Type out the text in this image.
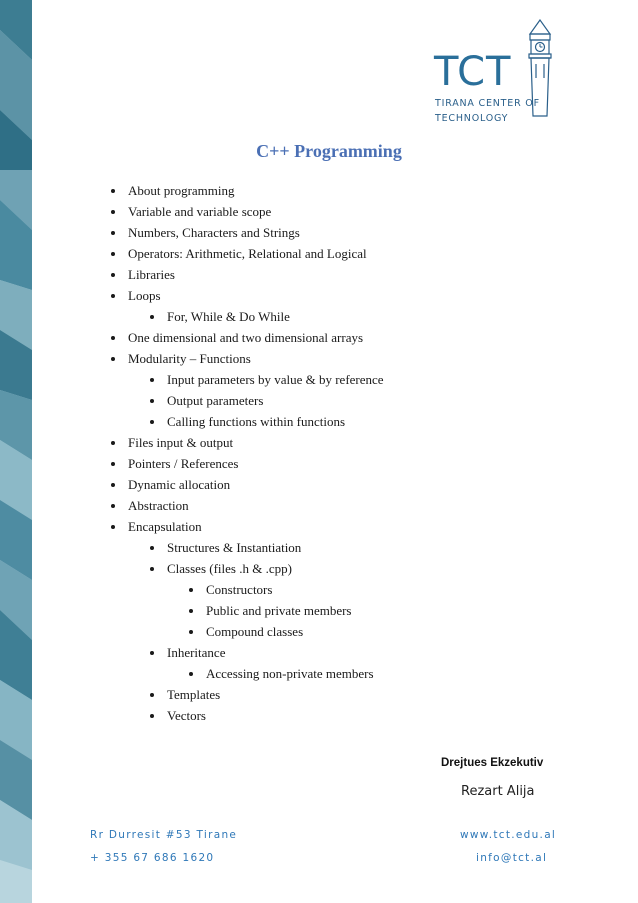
TCT
TIRANA CENTER OF
TECHNOLOGY
C++ Programming
About programming
Variable and variable scope
Numbers, Characters and Strings
Operators: Arithmetic, Relational and Logical
Libraries
Loops
For, While & Do While
One dimensional and two dimensional arrays
Modularity – Functions
Input parameters by value & by reference
Output parameters
Calling functions within functions
Files input & output
Pointers / References
Dynamic allocation
Abstraction
Encapsulation
Structures & Instantiation
Classes (files .h & .cpp)
Constructors
Public and private members
Compound classes
Inheritance
Accessing non-private members
Templates
Vectors
Drejtues Ekzekutiv
Rezart Alija
Rr Durresit #53 Tirane
+ 355 67 686 1620
www.tct.edu.al
info@tct.al
